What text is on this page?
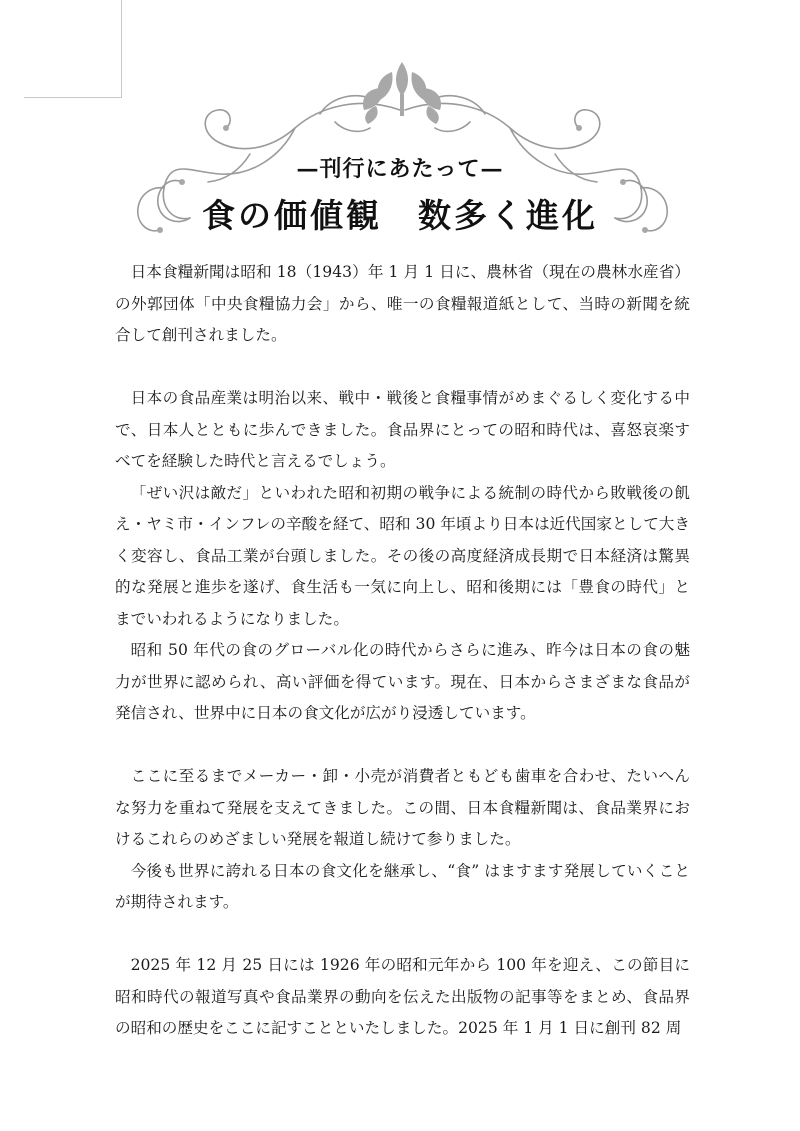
—刊行にあたって—
食の価値観　数多く進化

日本食糧新聞は昭和 18（1943）年 1 月 1 日に、農林省（現在の農林水産省）の外郭団体「中央食糧協力会」から、唯一の食糧報道紙として、当時の新聞を統合して創刊されました。

日本の食品産業は明治以来、戦中・戦後と食糧事情がめまぐるしく変化する中で、日本人とともに歩んできました。食品界にとっての昭和時代は、喜怒哀楽すべてを経験した時代と言えるでしょう。

「ぜい沢は敵だ」といわれた昭和初期の戦争による統制の時代から敗戦後の飢え・ヤミ市・インフレの辛酸を経て、昭和 30 年頃より日本は近代国家として大きく変容し、食品工業が台頭しました。その後の高度経済成長期で日本経済は驚異的な発展と進歩を遂げ、食生活も一気に向上し、昭和後期には「豊食の時代」とまでいわれるようになりました。

昭和 50 年代の食のグローバル化の時代からさらに進み、昨今は日本の食の魅力が世界に認められ、高い評価を得ています。現在、日本からさまざまな食品が発信され、世界中に日本の食文化が広がり浸透しています。

ここに至るまでメーカー・卸・小売が消費者ともども歯車を合わせ、たいへんな努力を重ねて発展を支えてきました。この間、日本食糧新聞は、食品業界におけるこれらのめざましい発展を報道し続けて参りました。

今後も世界に誇れる日本の食文化を継承し、“食” はますます発展していくことが期待されます。

2025 年 12 月 25 日には 1926 年の昭和元年から 100 年を迎え、この節目に昭和時代の報道写真や食品業界の動向を伝えた出版物の記事等をまとめ、食品界の昭和の歴史をここに記すことといたしました。2025 年 1 月 1 日に創刊 82 周
